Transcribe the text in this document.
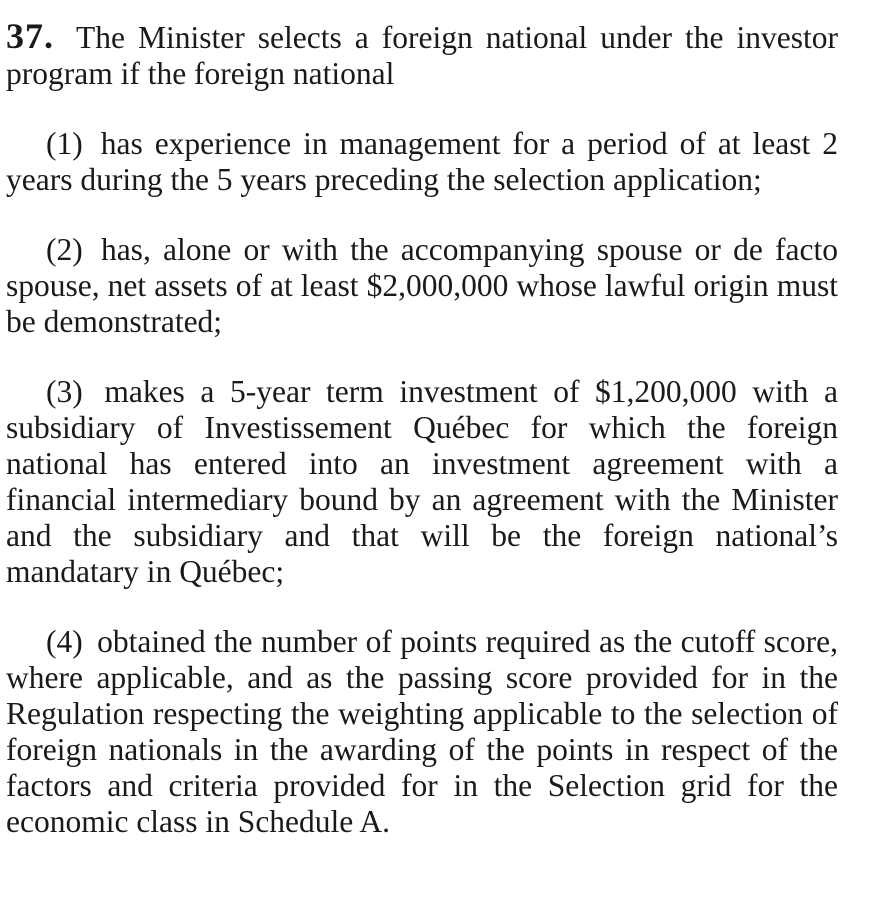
37. The Minister selects a foreign national under the investor program if the foreign national

(1) has experience in management for a period of at least 2 years during the 5 years preceding the selection application;

(2) has, alone or with the accompanying spouse or de facto spouse, net assets of at least $2,000,000 whose lawful origin must be demonstrated;

(3) makes a 5-year term investment of $1,200,000 with a subsidiary of Investissement Québec for which the foreign national has entered into an investment agreement with a financial intermediary bound by an agreement with the Minister and the subsidiary and that will be the foreign national’s mandatary in Québec;

(4) obtained the number of points required as the cutoff score, where applicable, and as the passing score provided for in the Regulation respecting the weighting applicable to the selection of foreign nationals in the awarding of the points in respect of the factors and criteria provided for in the Selection grid for the economic class in Schedule A.
